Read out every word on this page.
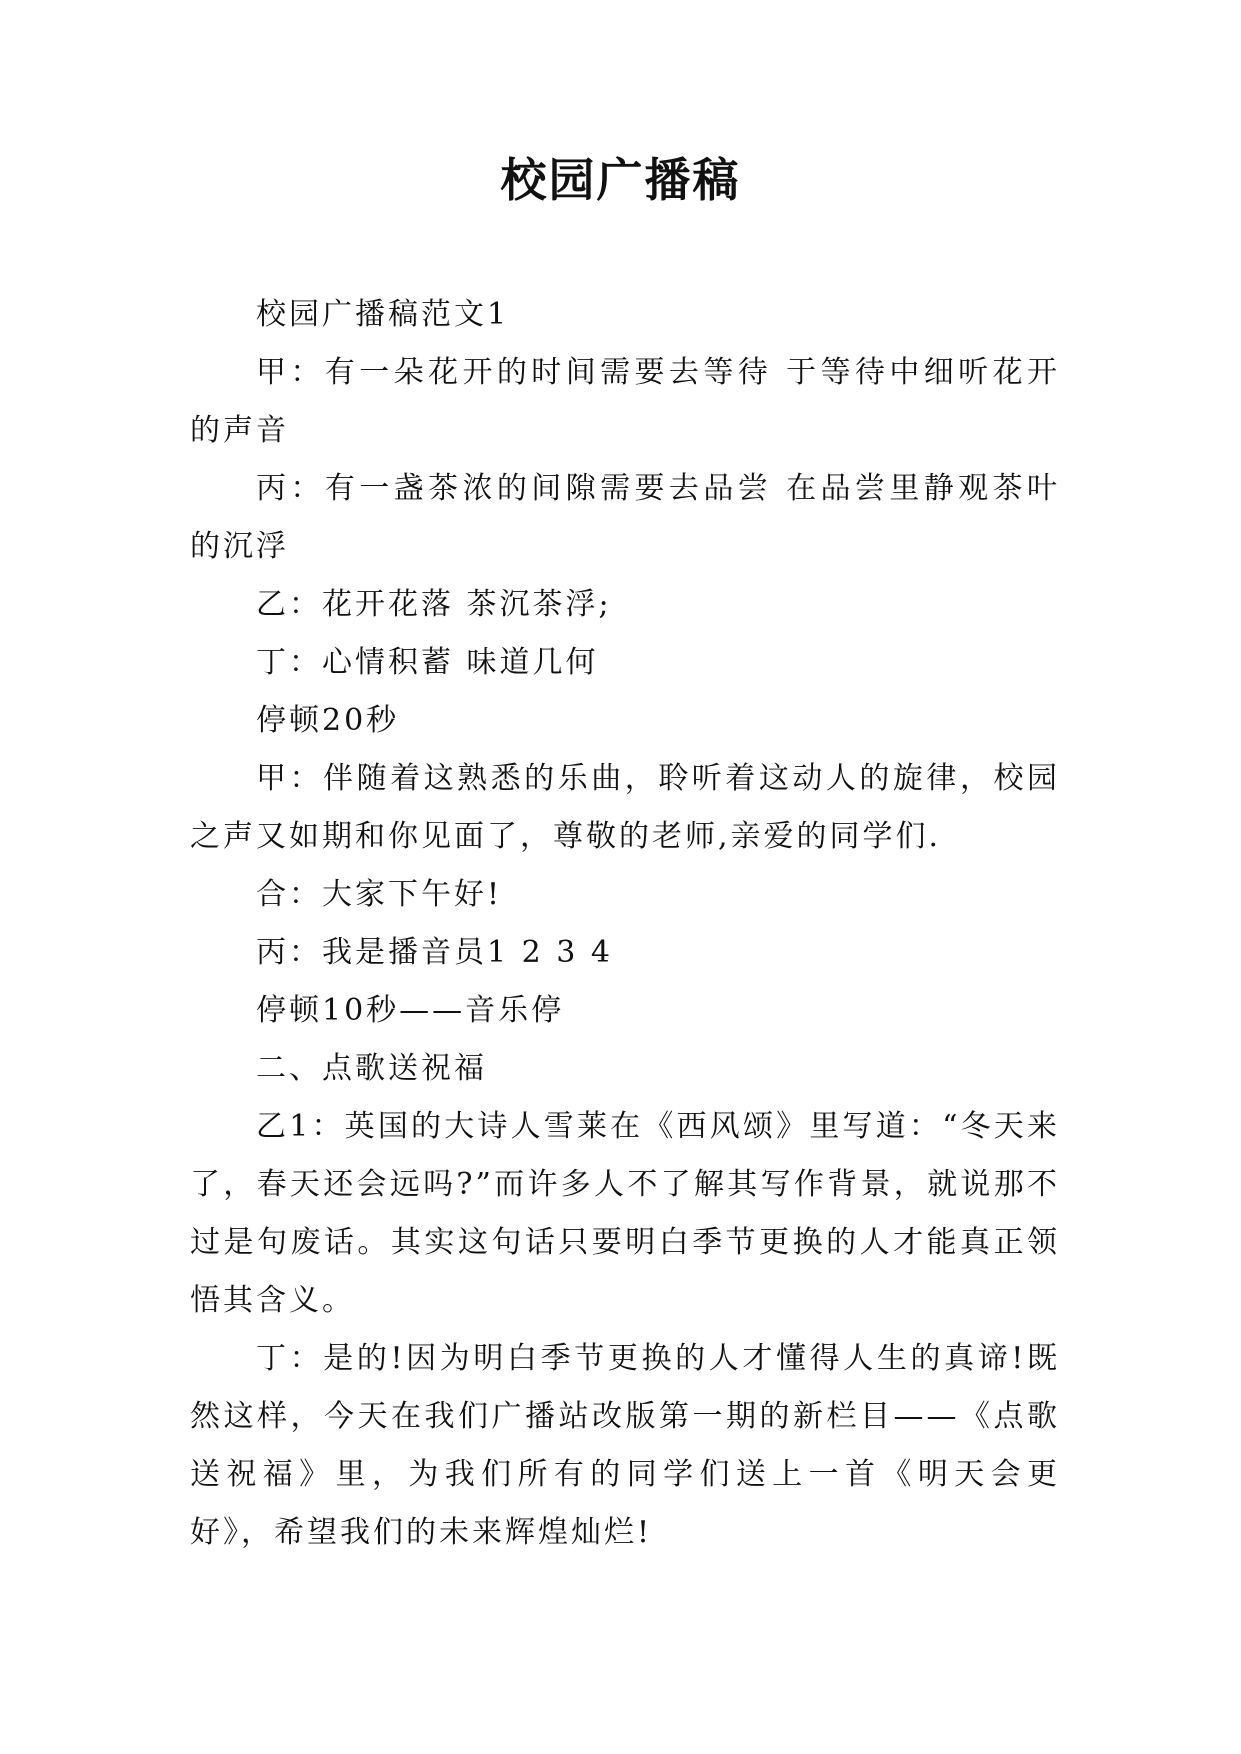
校园广播稿

校园广播稿范文1

甲：有一朵花开的时间需要去等待 于等待中细听花开的声音

丙：有一盏茶浓的间隙需要去品尝 在品尝里静观茶叶的沉浮

乙：花开花落 茶沉茶浮;

丁：心情积蓄 味道几何

停顿20秒

甲：伴随着这熟悉的乐曲，聆听着这动人的旋律，校园之声又如期和你见面了，尊敬的老师,亲爱的同学们.

合：大家下午好!

丙：我是播音员1 2 3 4

停顿10秒——音乐停

二、点歌送祝福

乙1：英国的大诗人雪莱在《西风颂》里写道：“冬天来了，春天还会远吗?”而许多人不了解其写作背景，就说那不过是句废话。其实这句话只要明白季节更换的人才能真正领悟其含义。

丁：是的!因为明白季节更换的人才懂得人生的真谛!既然这样，今天在我们广播站改版第一期的新栏目——《点歌送祝福》里，为我们所有的同学们送上一首《明天会更好》，希望我们的未来辉煌灿烂!
